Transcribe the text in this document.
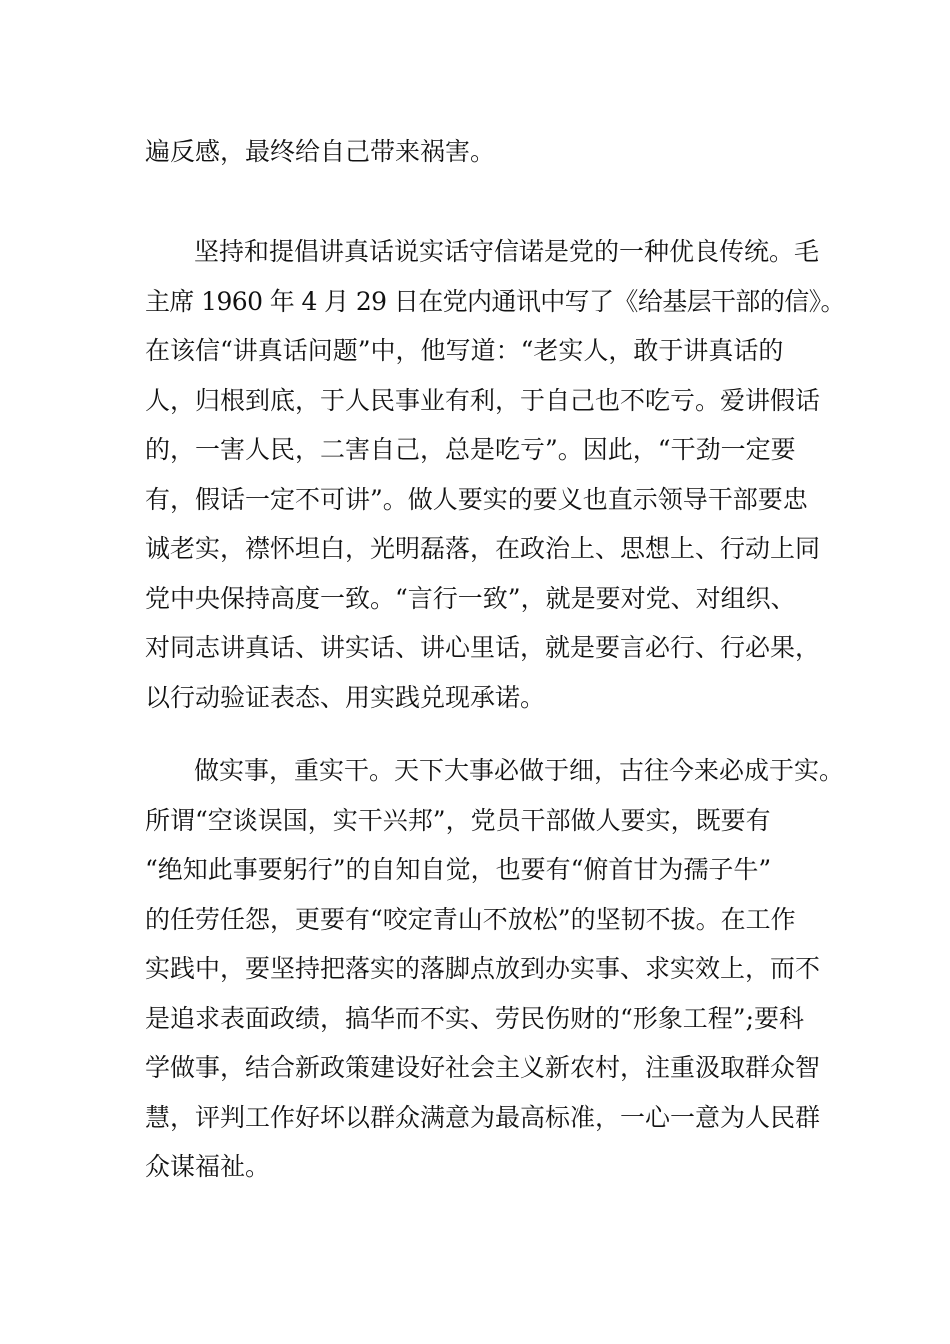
遍反感，最终给自己带来祸害。
坚持和提倡讲真话说实话守信诺是党的一种优良传统。毛
主席 1960 年 4 月 29 日在党内通讯中写了《给基层干部的信》。
在该信“讲真话问题”中，他写道：“老实人，敢于讲真话的
人，归根到底，于人民事业有利，于自己也不吃亏。爱讲假话
的，一害人民，二害自己，总是吃亏”。因此，“干劲一定要
有，假话一定不可讲”。做人要实的要义也直示领导干部要忠
诚老实，襟怀坦白，光明磊落，在政治上、思想上、行动上同
党中央保持高度一致。“言行一致”，就是要对党、对组织、
对同志讲真话、讲实话、讲心里话，就是要言必行、行必果，
以行动验证表态、用实践兑现承诺。
做实事，重实干。天下大事必做于细，古往今来必成于实。
所谓“空谈误国，实干兴邦”，党员干部做人要实，既要有
“绝知此事要躬行”的自知自觉，也要有“俯首甘为孺子牛”
的任劳任怨，更要有“咬定青山不放松”的坚韧不拔。在工作
实践中，要坚持把落实的落脚点放到办实事、求实效上，而不
是追求表面政绩，搞华而不实、劳民伤财的“形象工程”;要科
学做事，结合新政策建设好社会主义新农村，注重汲取群众智
慧，评判工作好坏以群众满意为最高标准，一心一意为人民群
众谋福祉。
